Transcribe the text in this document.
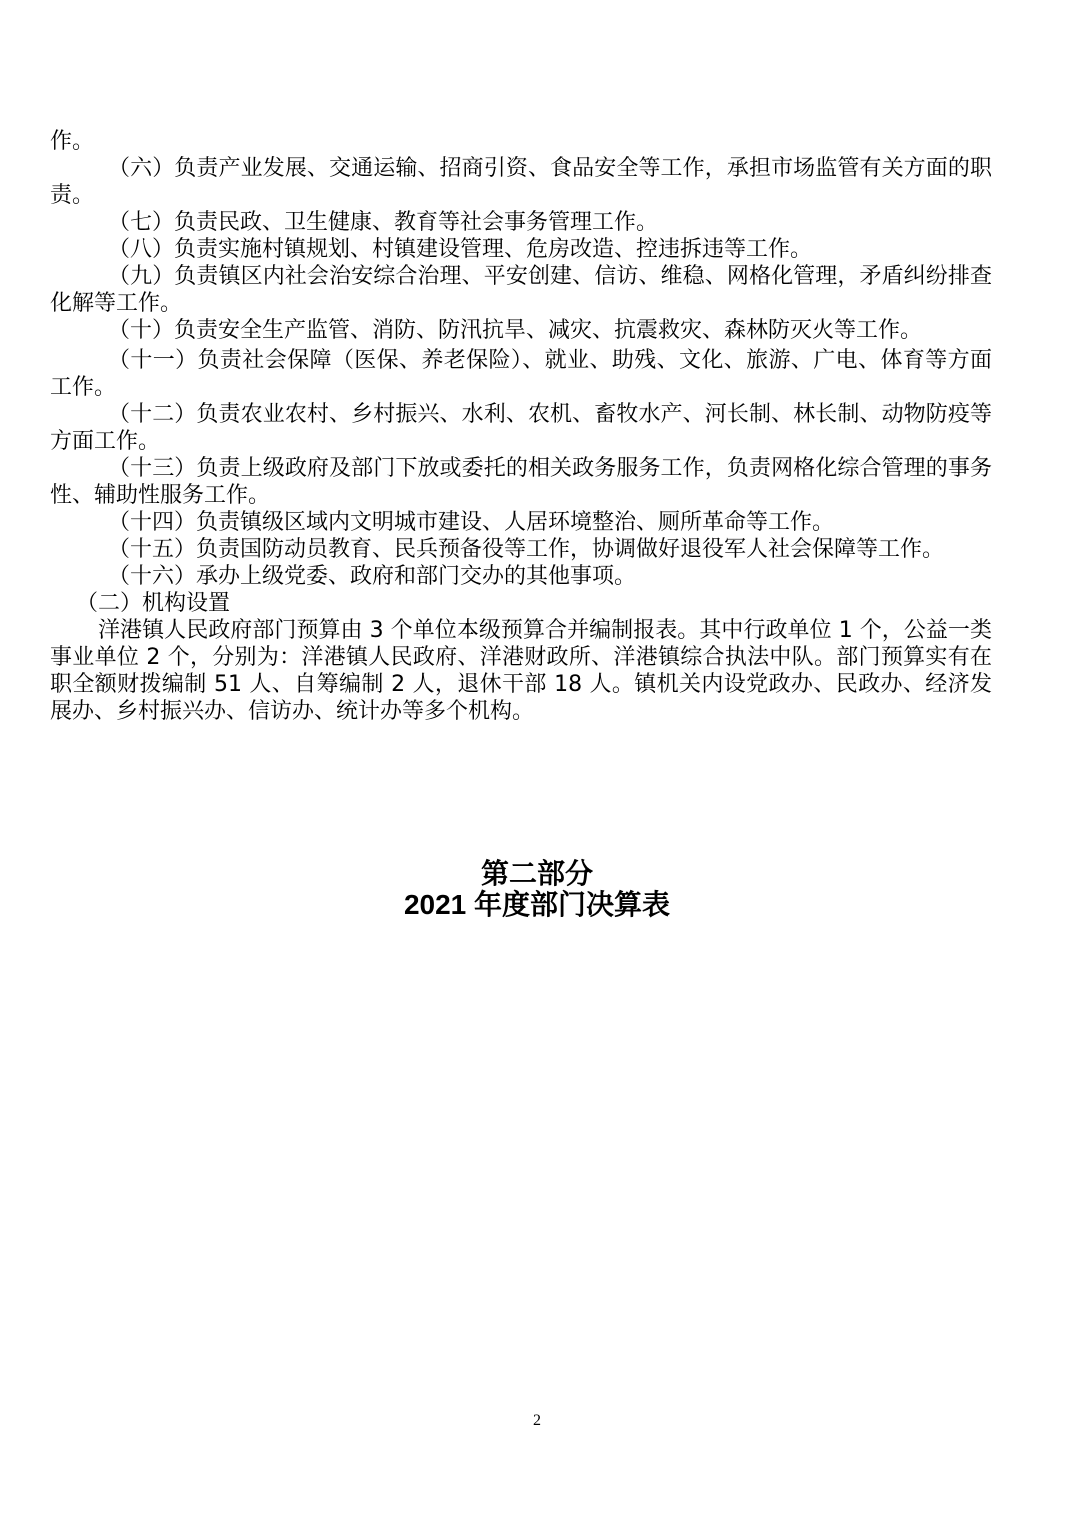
作。

（六）负责产业发展、交通运输、招商引资、食品安全等工作，承担市场监管有关方面的职责。

（七）负责民政、卫生健康、教育等社会事务管理工作。

（八）负责实施村镇规划、村镇建设管理、危房改造、控违拆违等工作。

（九）负责镇区内社会治安综合治理、平安创建、信访、维稳、网格化管理，矛盾纠纷排查化解等工作。

（十）负责安全生产监管、消防、防汛抗旱、减灾、抗震救灾、森林防灭火等工作。

（十一）负责社会保障（医保、养老保险）、就业、助残、文化、旅游、广电、体育等方面工作。

（十二）负责农业农村、乡村振兴、水利、农机、畜牧水产、河长制、林长制、动物防疫等方面工作。

（十三）负责上级政府及部门下放或委托的相关政务服务工作，负责网格化综合管理的事务性、辅助性服务工作。

（十四）负责镇级区域内文明城市建设、人居环境整治、厕所革命等工作。

（十五）负责国防动员教育、民兵预备役等工作，协调做好退役军人社会保障等工作。

（十六）承办上级党委、政府和部门交办的其他事项。

（二）机构设置

洋港镇人民政府部门预算由 3 个单位本级预算合并编制报表。其中行政单位 1 个，公益一类事业单位 2 个，分别为：洋港镇人民政府、洋港财政所、洋港镇综合执法中队。部门预算实有在职全额财拨编制 51 人、自筹编制 2 人，退休干部 18 人。镇机关内设党政办、民政办、经济发展办、乡村振兴办、信访办、统计办等多个机构。

第二部分
2021 年度部门决算表
2
